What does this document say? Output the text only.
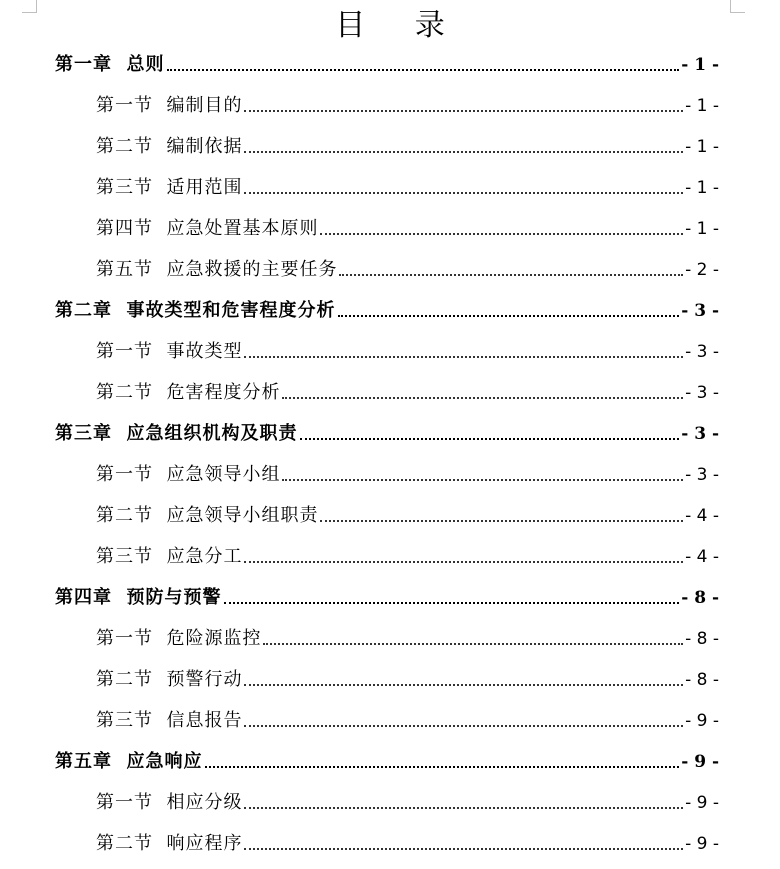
目 录
第一章  总则	- 1 -
第一节  编制目的	- 1 -
第二节  编制依据	- 1 -
第三节  适用范围	- 1 -
第四节  应急处置基本原则	- 1 -
第五节  应急救援的主要任务	- 2 -
第二章  事故类型和危害程度分析	- 3 -
第一节  事故类型	- 3 -
第二节  危害程度分析	- 3 -
第三章  应急组织机构及职责	- 3 -
第一节  应急领导小组	- 3 -
第二节  应急领导小组职责	- 4 -
第三节  应急分工	- 4 -
第四章  预防与预警	- 8 -
第一节  危险源监控	- 8 -
第二节  预警行动	- 8 -
第三节  信息报告	- 9 -
第五章  应急响应	- 9 -
第一节  相应分级	- 9 -
第二节  响应程序	- 9 -
